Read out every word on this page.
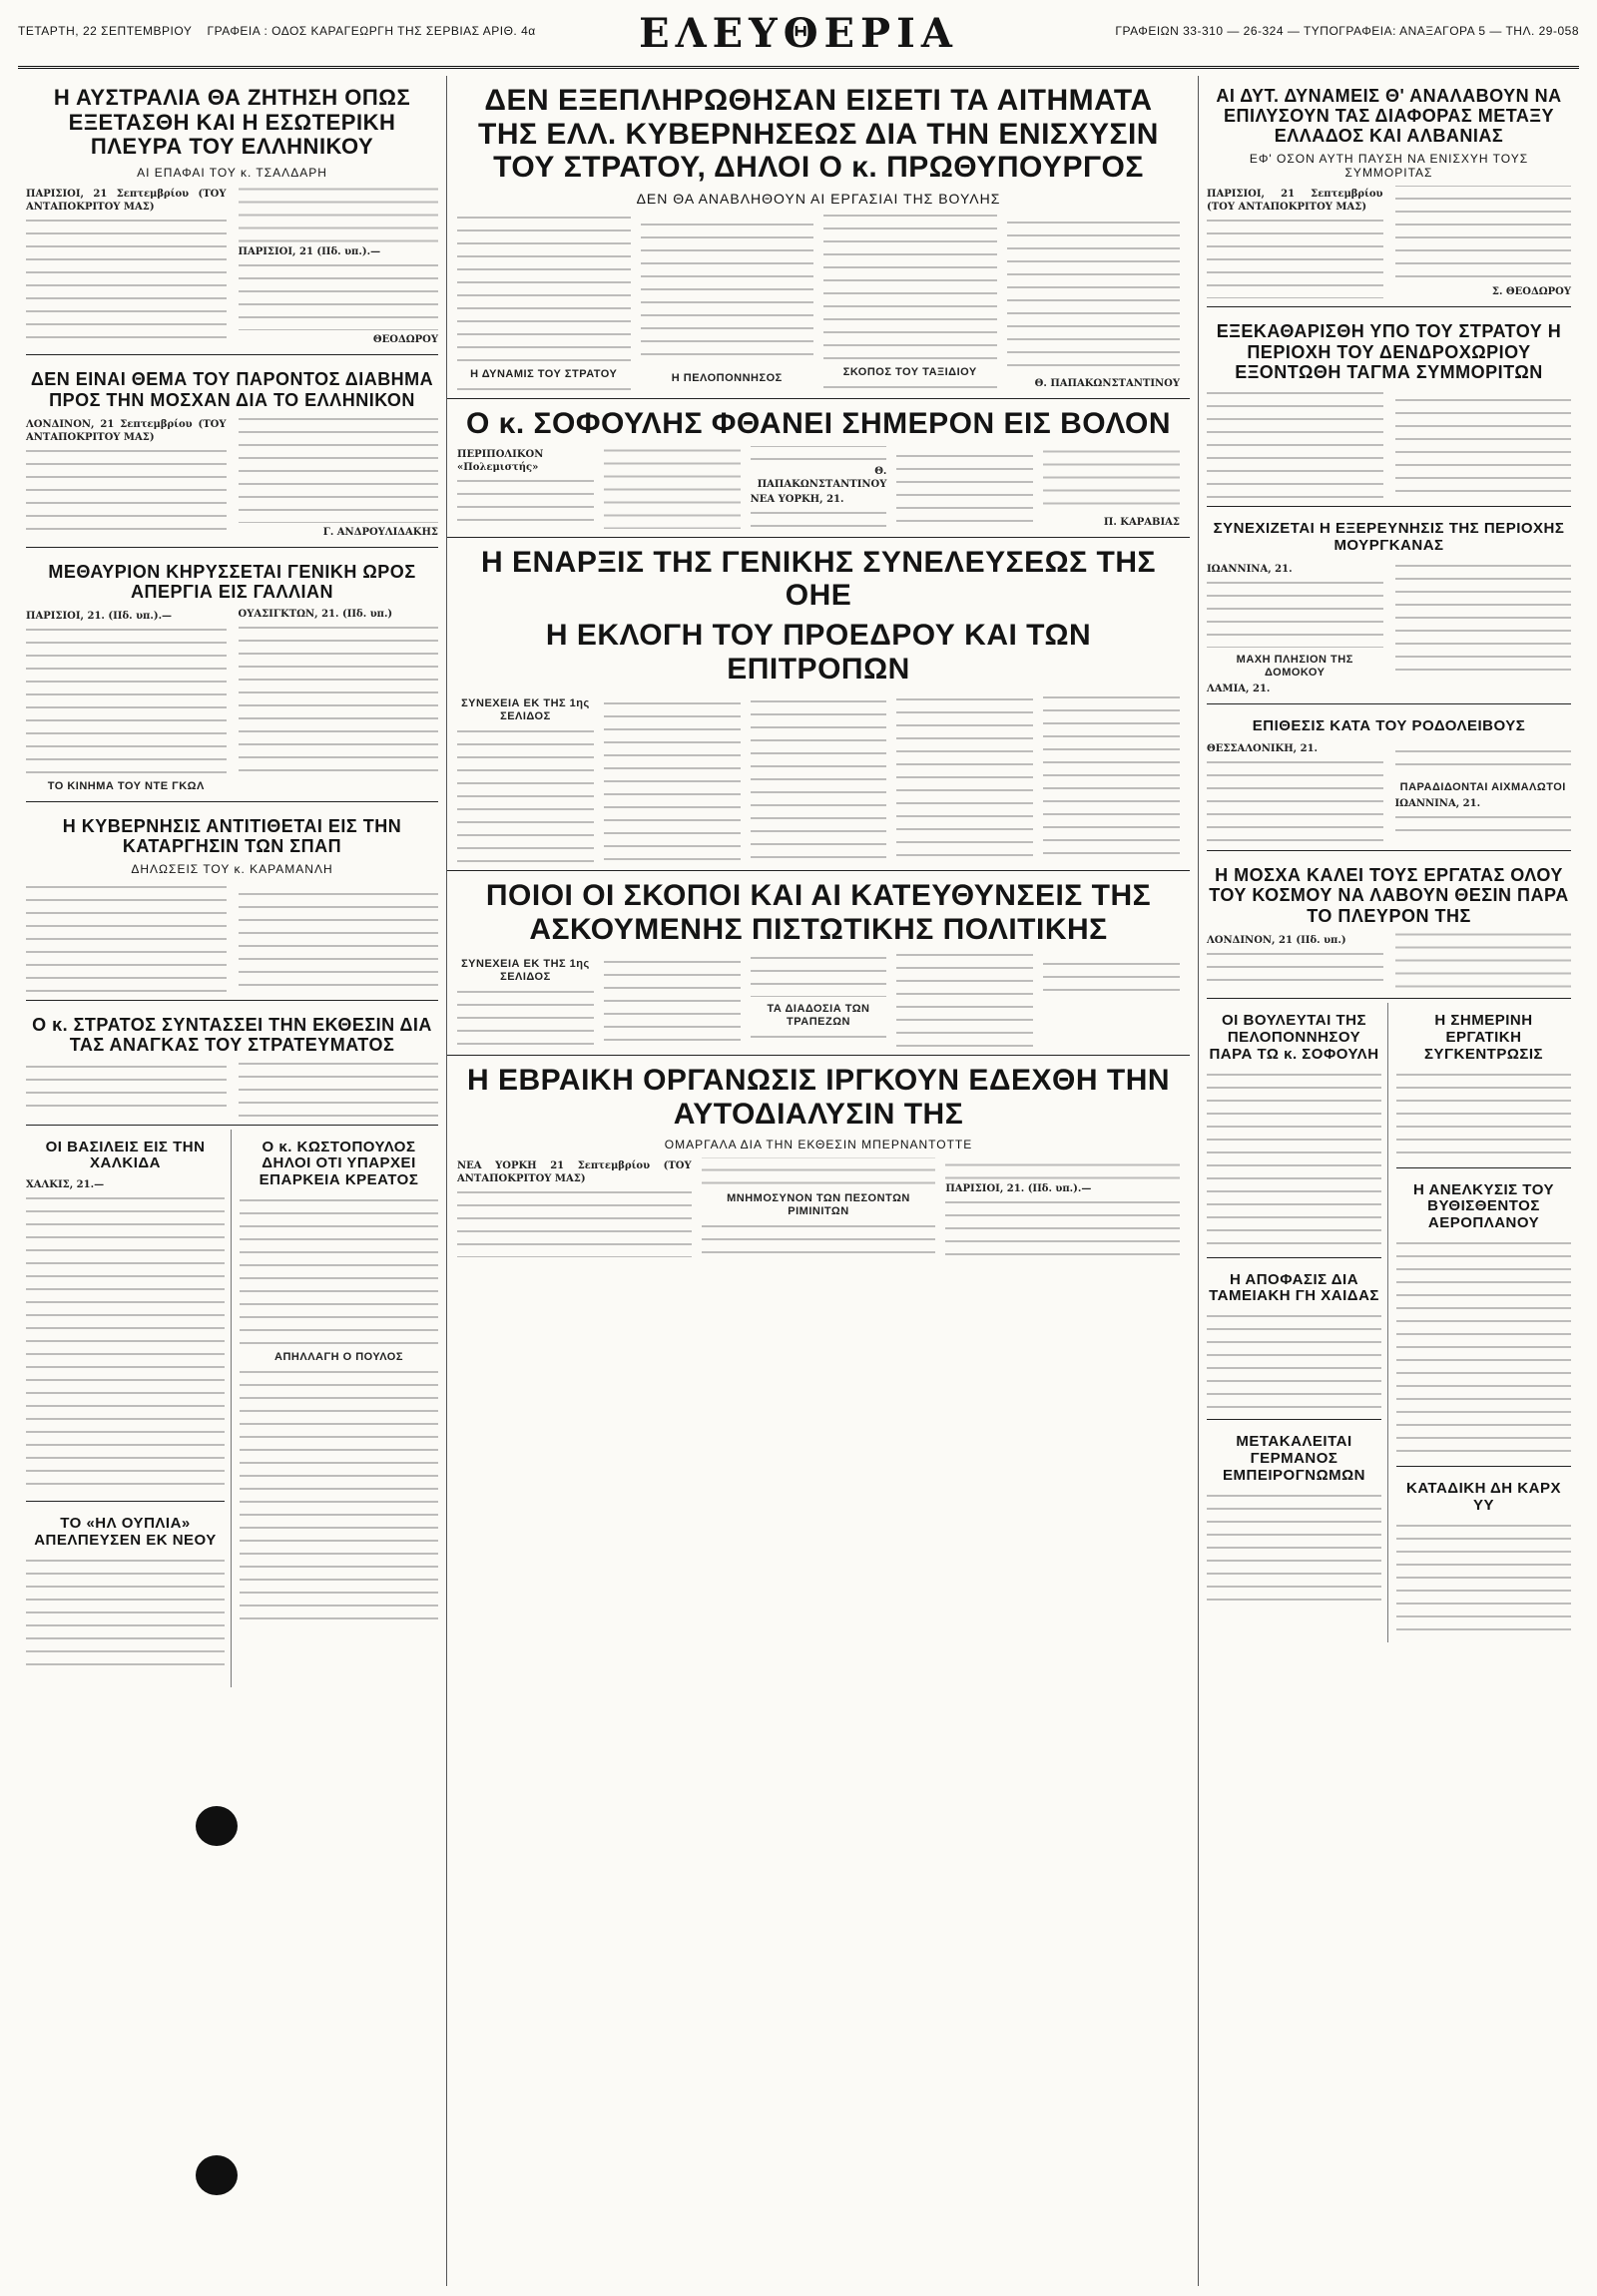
ΤΕΤΑΡΤΗ, 22 ΣΕΠΤΕΜΒΡΙΟΥ ΓΡΑΦΕΙΑ : ΟΔΟΣ ΚΑΡΑΓΕΩΡΓΗ ΤΗΣ ΣΕΡΒΙΑΣ ΑΡΙΘ. 4α	ΕΛΕΥΘΕΡΙΑ	ΓΡΑΦΕΙΩΝ 33-310 — 26-324 — ΤΥΠΟΓΡΑΦΕΙΑ: ΑΝΑΞΑΓΟΡΑ 5 — ΤΗΛ. 29-058
Η ΑΥΣΤΡΑΛΙΑ ΘΑ ΖΗΤΗΣΗ ΟΠΩΣ ΕΞΕΤΑΣΘΗ ΚΑΙ Η ΕΣΩΤΕΡΙΚΗ ΠΛΕΥΡΑ ΤΟΥ ΕΛΛΗΝΙΚΟΥ
ΑΙ ΕΠΑΦΑΙ ΤΟΥ κ. ΤΣΑΛΔΑΡΗ
ΠΑΡΙΣΙΟΙ, 21 Σεπτεμβρίου (ΤΟΥ ΑΝΤΑΠΟΚΡΙΤΟΥ ΜΑΣ)
ΠΑΡΙΣΙΟΙ, 21 (ΙΙδ. υπ.).—
ΘΕΟΔΩΡΟΥ
ΔΕΝ ΕΙΝΑΙ ΘΕΜΑ ΤΟΥ ΠΑΡΟΝΤΟΣ ΔΙΑΒΗΜΑ ΠΡΟΣ ΤΗΝ ΜΟΣΧΑΝ ΔΙΑ ΤΟ ΕΛΛΗΝΙΚΟΝ
ΛΟΝΔΙΝΟΝ, 21 Σεπτεμβρίου (ΤΟΥ ΑΝΤΑΠΟΚΡΙΤΟΥ ΜΑΣ)
Γ. ΑΝΔΡΟΥΛΙΔΑΚΗΣ
ΜΕΘΑΥΡΙΟΝ ΚΗΡΥΣΣΕΤΑΙ ΓΕΝΙΚΗ ΩΡΟΣ ΑΠΕΡΓΙΑ ΕΙΣ ΓΑΛΛΙΑΝ
ΠΑΡΙΣΙΟΙ, 21. (ΙΙδ. υπ.).—
ΤΟ ΚΙΝΗΜΑ ΤΟΥ ΝΤΕ ΓΚΩΛ
ΟΥΑΣΙΓΚΤΩΝ, 21. (ΙΙδ. υπ.)
Η ΚΥΒΕΡΝΗΣΙΣ ΑΝΤΙΤΙΘΕΤΑΙ ΕΙΣ ΤΗΝ ΚΑΤΑΡΓΗΣΙΝ ΤΩΝ ΣΠΑΠ
ΔΗΛΩΣΕΙΣ ΤΟΥ κ. ΚΑΡΑΜΑΝΛΗ
Ο κ. ΣΤΡΑΤΟΣ ΣΥΝΤΑΣΣΕΙ ΤΗΝ ΕΚΘΕΣΙΝ ΔΙΑ ΤΑΣ ΑΝΑΓΚΑΣ ΤΟΥ ΣΤΡΑΤΕΥΜΑΤΟΣ
ΟΙ ΒΑΣΙΛΕΙΣ ΕΙΣ ΤΗΝ ΧΑΛΚΙΔΑ
ΧΑΛΚΙΣ, 21.—
ΤΟ «ΗΛ ΟΥΠΛΙΑ» ΑΠΕΛΠΕΥΣΕΝ ΕΚ ΝΕΟΥ
Ο κ. ΚΩΣΤΟΠΟΥΛΟΣ ΔΗΛΟΙ ΟΤΙ ΥΠΑΡΧΕΙ ΕΠΑΡΚΕΙΑ ΚΡΕΑΤΟΣ
ΑΠΗΛΛΑΓΗ Ο ΠΟΥΛΟΣ
ΔΕΝ ΕΞΕΠΛΗΡΩΘΗΣΑΝ ΕΙΣΕΤΙ ΤΑ ΑΙΤΗΜΑΤΑ ΤΗΣ ΕΛΛ. ΚΥΒΕΡΝΗΣΕΩΣ ΔΙΑ ΤΗΝ ΕΝΙΣΧΥΣΙΝ ΤΟΥ ΣΤΡΑΤΟΥ, ΔΗΛΟΙ Ο κ. ΠΡΩΘΥΠΟΥΡΓΟΣ
ΔΕΝ ΘΑ ΑΝΑΒΛΗΘΟΥΝ ΑΙ ΕΡΓΑΣΙΑΙ ΤΗΣ ΒΟΥΛΗΣ
Η ΔΥΝΑΜΙΣ ΤΟΥ ΣΤΡΑΤΟΥ	Η ΠΕΛΟΠΟΝΝΗΣΟΣ	ΣΚΟΠΟΣ ΤΟΥ ΤΑΞΙΔΙΟΥ
Θ. ΠΑΠΑΚΩΝΣΤΑΝΤΙΝΟΥ
Ο κ. ΣΟΦΟΥΛΗΣ ΦΘΑΝΕΙ ΣΗΜΕΡΟΝ ΕΙΣ ΒΟΛΟΝ
ΠΕΡΙΠΟΛΙΚΟΝ «Πολεμιστής»	Θ. ΠΑΠΑΚΩΝΣΤΑΝΤΙΝΟΥ
ΝΕΑ ΥΟΡΚΗ, 21.
Π. ΚΑΡΑΒΙΑΣ
Η ΕΝΑΡΞΙΣ ΤΗΣ ΓΕΝΙΚΗΣ ΣΥΝΕΛΕΥΣΕΩΣ ΤΗΣ ΟΗΕ
Η ΕΚΛΟΓΗ ΤΟΥ ΠΡΟΕΔΡΟΥ ΚΑΙ ΤΩΝ ΕΠΙΤΡΟΠΩΝ
ΣΥΝΕΧΕΙΑ ΕΚ ΤΗΣ 1ης ΣΕΛΙΔΟΣ
ΠΟΙΟΙ ΟΙ ΣΚΟΠΟΙ ΚΑΙ ΑΙ ΚΑΤΕΥΘΥΝΣΕΙΣ ΤΗΣ ΑΣΚΟΥΜΕΝΗΣ ΠΙΣΤΩΤΙΚΗΣ ΠΟΛΙΤΙΚΗΣ
ΣΥΝΕΧΕΙΑ ΕΚ ΤΗΣ 1ης ΣΕΛΙΔΟΣ
ΤΑ ΔΙΑΔΟΣΙΑ ΤΩΝ ΤΡΑΠΕΖΩΝ
Η ΕΒΡΑΙΚΗ ΟΡΓΑΝΩΣΙΣ ΙΡΓΚΟΥΝ ΕΔΕΧΘΗ ΤΗΝ ΑΥΤΟΔΙΑΛΥΣΙΝ ΤΗΣ
ΟΜΑΡΓΑΛΑ ΔΙΑ ΤΗΝ ΕΚΘΕΣΙΝ ΜΠΕΡΝΑΝΤΟΤΤΕ
ΝΕΑ ΥΟΡΚΗ 21 Σεπτεμβρίου (ΤΟΥ ΑΝΤΑΠΟΚΡΙΤΟΥ ΜΑΣ)
ΜΝΗΜΟΣΥΝΟΝ ΤΩΝ ΠΕΣΟΝΤΩΝ ΡΙΜΙΝΙΤΩΝ
ΠΑΡΙΣΙΟΙ, 21. (ΙΙδ. υπ.).—
ΑΙ ΔΥΤ. ΔΥΝΑΜΕΙΣ Θ' ΑΝΑΛΑΒΟΥΝ ΝΑ ΕΠΙΛΥΣΟΥΝ ΤΑΣ ΔΙΑΦΟΡΑΣ ΜΕΤΑΞΥ ΕΛΛΑΔΟΣ ΚΑΙ ΑΛΒΑΝΙΑΣ
ΕΦ' ΟΣΟΝ ΑΥΤΗ ΠΑΥΣΗ ΝΑ ΕΝΙΣΧΥΗ ΤΟΥΣ ΣΥΜΜΟΡΙΤΑΣ
ΠΑΡΙΣΙΟΙ, 21 Σεπτεμβρίου (ΤΟΥ ΑΝΤΑΠΟΚΡΙΤΟΥ ΜΑΣ)
Σ. ΘΕΟΔΩΡΟΥ
ΕΞΕΚΑΘΑΡΙΣΘΗ ΥΠΟ ΤΟΥ ΣΤΡΑΤΟΥ Η ΠΕΡΙΟΧΗ ΤΟΥ ΔΕΝΔΡΟΧΩΡΙΟΥ ΕΞΟΝΤΩΘΗ ΤΑΓΜΑ ΣΥΜΜΟΡΙΤΩΝ
ΣΥΝΕΧΙΖΕΤΑΙ Η ΕΞΕΡΕΥΝΗΣΙΣ ΤΗΣ ΠΕΡΙΟΧΗΣ ΜΟΥΡΓΚΑΝΑΣ
ΙΩΑΝΝΙΝΑ, 21.
ΜΑΧΗ ΠΛΗΣΙΟΝ ΤΗΣ ΔΟΜΟΚΟΥ
ΛΑΜΙΑ, 21.
ΕΠΙΘΕΣΙΣ ΚΑΤΑ ΤΟΥ ΡΟΔΟΛΕΙΒΟΥΣ
ΘΕΣΣΑΛΟΝΙΚΗ, 21.
ΠΑΡΑΔΙΔΟΝΤΑΙ ΑΙΧΜΑΛΩΤΟΙ
ΙΩΑΝΝΙΝΑ, 21.
Η ΜΟΣΧΑ ΚΑΛΕΙ ΤΟΥΣ ΕΡΓΑΤΑΣ ΟΛΟΥ ΤΟΥ ΚΟΣΜΟΥ ΝΑ ΛΑΒΟΥΝ ΘΕΣΙΝ ΠΑΡΑ ΤΟ ΠΛΕΥΡΟΝ ΤΗΣ
ΛΟΝΔΙΝΟΝ, 21 (ΙΙδ. υπ.)
ΟΙ ΒΟΥΛΕΥΤΑΙ ΤΗΣ ΠΕΛΟΠΟΝΝΗΣΟΥ ΠΑΡΑ ΤΩ κ. ΣΟΦΟΥΛΗ
Η ΑΠΟΦΑΣΙΣ ΔΙΑ ΤΑΜΕΙΑΚΗ ΓΗ ΧΑΙΔΑΣ
ΜΕΤΑΚΑΛΕΙΤΑΙ ΓΕΡΜΑΝΟΣ ΕΜΠΕΙΡΟΓΝΩΜΩΝ
Η ΣΗΜΕΡΙΝΗ ΕΡΓΑΤΙΚΗ ΣΥΓΚΕΝΤΡΩΣΙΣ
Η ΑΝΕΛΚΥΣΙΣ ΤΟΥ ΒΥΘΙΣΘΕΝΤΟΣ ΑΕΡΟΠΛΑΝΟΥ
ΚΑΤΑΔΙΚΗ ΔΗ ΚΑΡΧ ΥΥ
